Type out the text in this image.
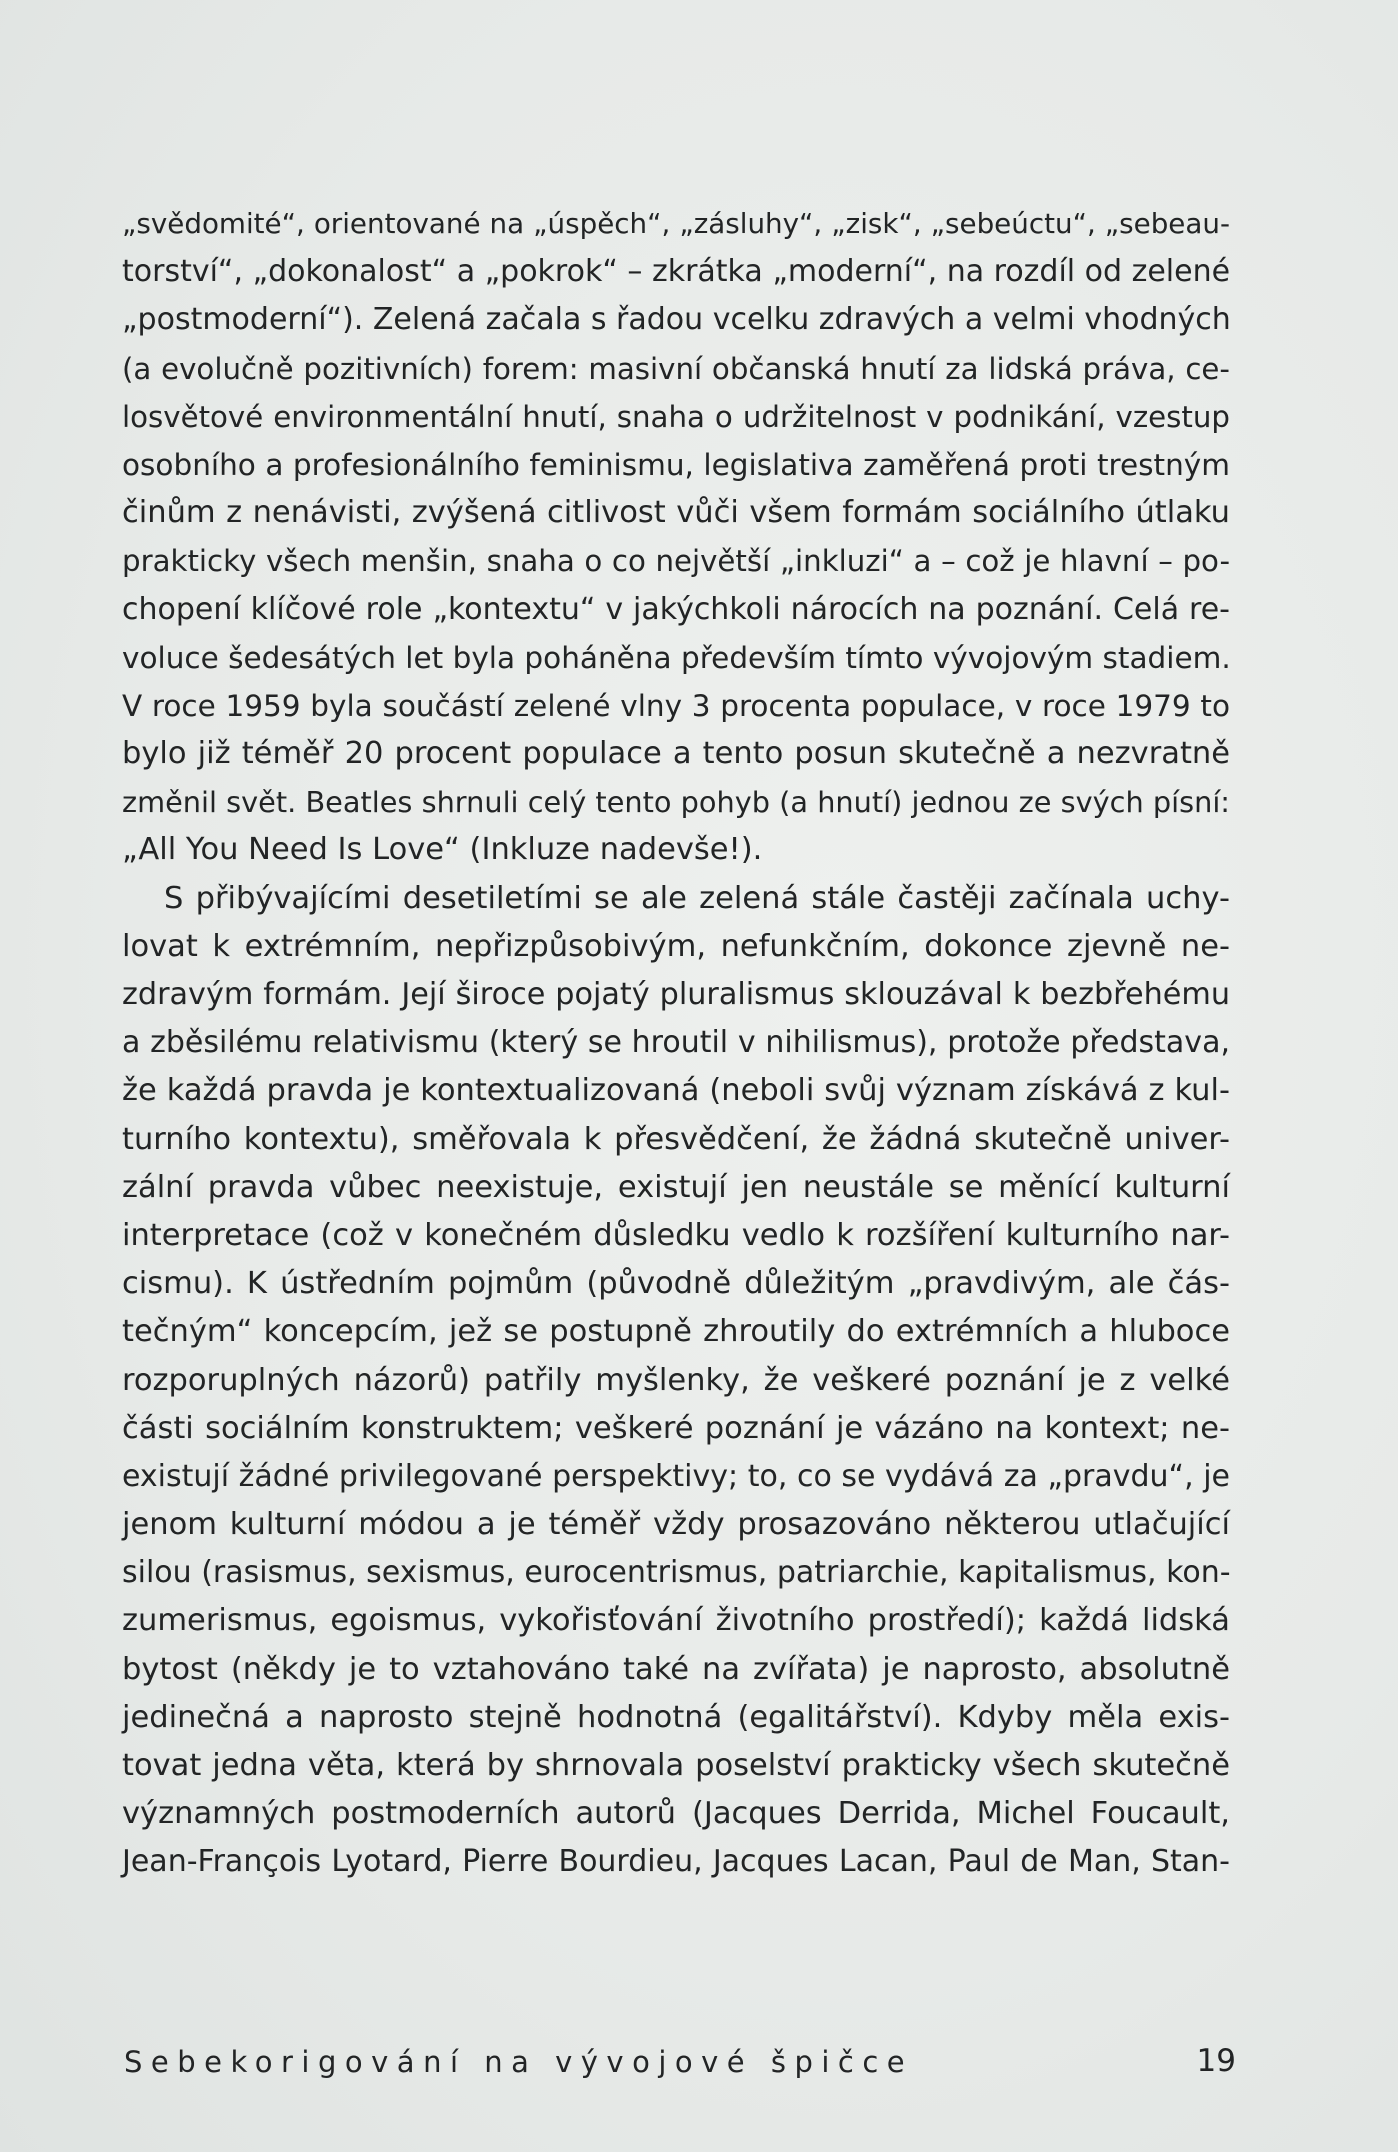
„svědomité“, orientované na „úspěch“, „zásluhy“, „zisk“, „sebeúctu“, „sebeau-
torství“, „dokonalost“ a „pokrok“ – zkrátka „moderní“, na rozdíl od zelené
„postmoderní“). Zelená začala s řadou vcelku zdravých a velmi vhodných
(a evolučně pozitivních) forem: masivní občanská hnutí za lidská práva, ce-
losvětové environmentální hnutí, snaha o udržitelnost v podnikání, vzestup
osobního a profesionálního feminismu, legislativa zaměřená proti trestným
činům z nenávisti, zvýšená citlivost vůči všem formám sociálního útlaku
prakticky všech menšin, snaha o co největší „inkluzi“ a – což je hlavní – po-
chopení klíčové role „kontextu“ v jakýchkoli nárocích na poznání. Celá re-
voluce šedesátých let byla poháněna především tímto vývojovým stadiem.
V roce 1959 byla součástí zelené vlny 3 procenta populace, v roce 1979 to
bylo již téměř 20 procent populace a tento posun skutečně a nezvratně
změnil svět. Beatles shrnuli celý tento pohyb (a hnutí) jednou ze svých písní:
„All You Need Is Love“ (Inkluze nadevše!).
S přibývajícími desetiletími se ale zelená stále častěji začínala uchy-
lovat k extrémním, nepřizpůsobivým, nefunkčním, dokonce zjevně ne-
zdravým formám. Její široce pojatý pluralismus sklouzával k bezbřehému
a zběsilému relativismu (který se hroutil v nihilismus), protože představa,
že každá pravda je kontextualizovaná (neboli svůj význam získává z kul-
turního kontextu), směřovala k přesvědčení, že žádná skutečně univer-
zální pravda vůbec neexistuje, existují jen neustále se měnící kulturní
interpretace (což v konečném důsledku vedlo k rozšíření kulturního nar-
cismu). K ústředním pojmům (původně důležitým „pravdivým, ale čás-
tečným“ koncepcím, jež se postupně zhroutily do extrémních a hluboce
rozporuplných názorů) patřily myšlenky, že veškeré poznání je z velké
části sociálním konstruktem; veškeré poznání je vázáno na kontext; ne-
existují žádné privilegované perspektivy; to, co se vydává za „pravdu“, je
jenom kulturní módou a je téměř vždy prosazováno některou utlačující
silou (rasismus, sexismus, eurocentrismus, patriarchie, kapitalismus, kon-
zumerismus, egoismus, vykořisťování životního prostředí); každá lidská
bytost (někdy je to vztahováno také na zvířata) je naprosto, absolutně
jedinečná a naprosto stejně hodnotná (egalitářství). Kdyby měla exis-
tovat jedna věta, která by shrnovala poselství prakticky všech skutečně
významných postmoderních autorů (Jacques Derrida, Michel Foucault,
Jean-François Lyotard, Pierre Bourdieu, Jacques Lacan, Paul de Man, Stan-
Sebekorigování na vývojové špičce	19
